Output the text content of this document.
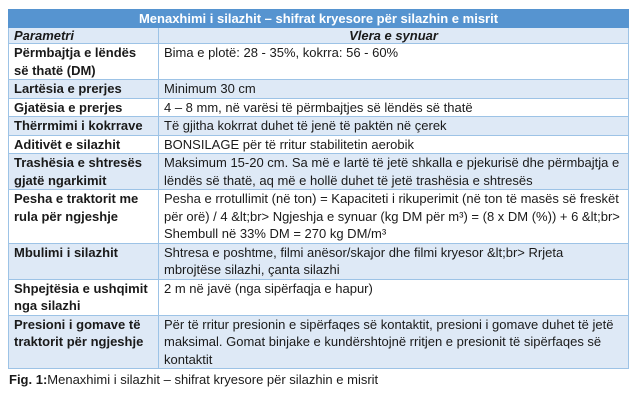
Menaxhimi i silazhit – shifrat kryesore për silazhin e misrit	
Parametri	Vlera e synuar
Përmbajtja e lëndës së thatë (DM)	Bima e plotë: 28 - 35%, kokrra: 56 - 60%
Lartësia e prerjes	Minimum 30 cm
Gjatësia e prerjes	4 – 8 mm, në varësi të përmbajtjes së lëndës së thatë
Thërrmimi i kokrrave	Të gjitha kokrrat duhet të jenë të paktën në çerek
Aditivët e silazhit	BONSILAGE për të rritur stabilitetin aerobik
Trashësia e shtresës gjatë ngarkimit	Maksimum 15-20 cm. Sa më e lartë të jetë shkalla e pjekurisë dhe përmbajtja e lëndës së thatë, aq më e hollë duhet të jetë trashësia e shtresës
Pesha e traktorit me rula për ngjeshje	Pesha e rrotullimit (në ton) = Kapaciteti i rikuperimit (në ton të masës së freskët për orë) / 4 &lt;br> Ngjeshja e synuar (kg DM për m³) = (8 x DM (%)) + 6 &lt;br> Shembull në 33% DM = 270 kg DM/m³
Mbulimi i silazhit	Shtresa e poshtme, filmi anësor/skajor dhe filmi kryesor &lt;br> Rrjeta mbrojtëse silazhi, çanta silazhi
Shpejtësia e ushqimit nga silazhi	2 m në javë (nga sipërfaqja e hapur)
Presioni i gomave të traktorit për ngjeshje	Për të rritur presionin e sipërfaqes së kontaktit, presioni i gomave duhet të jetë maksimal. Gomat binjake e kundërshtojnë rritjen e presionit të sipërfaqes së kontaktit
Fig. 1:Menaxhimi i silazhit – shifrat kryesore për silazhin e misrit
